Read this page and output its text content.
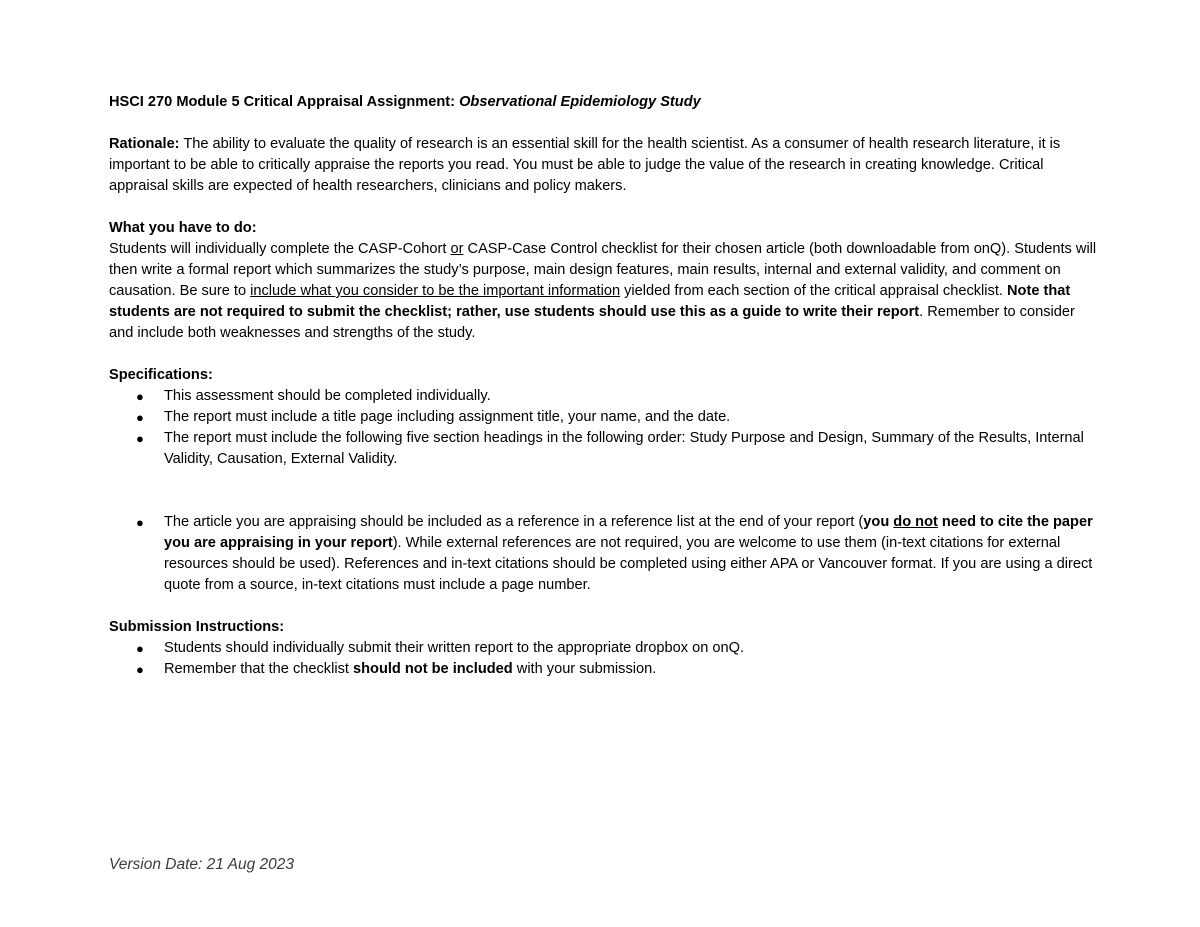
HSCI 270 Module 5 Critical Appraisal Assignment: Observational Epidemiology Study

Rationale: The ability to evaluate the quality of research is an essential skill for the health scientist. As a consumer of health research literature, it is important to be able to critically appraise the reports you read. You must be able to judge the value of the research in creating knowledge. Critical appraisal skills are expected of health researchers, clinicians and policy makers.

What you have to do:

Students will individually complete the CASP-Cohort or CASP-Case Control checklist for their chosen article (both downloadable from onQ). Students will then write a formal report which summarizes the study’s purpose, main design features, main results, internal and external validity, and comment on causation. Be sure to include what you consider to be the important information yielded from each section of the critical appraisal checklist. Note that students are not required to submit the checklist; rather, use students should use this as a guide to write their report. Remember to consider and include both weaknesses and strengths of the study.

Specifications:

● This assessment should be completed individually.
● The report must include a title page including assignment title, your name, and the date.
● The report must include the following five section headings in the following order: Study Purpose and Design, Summary of the Results, Internal Validity, Causation, External Validity.
● The article you are appraising should be included as a reference in a reference list at the end of your report (you do not need to cite the paper you are appraising in your report). While external references are not required, you are welcome to use them (in-text citations for external resources should be used). References and in-text citations should be completed using either APA or Vancouver format. If you are using a direct quote from a source, in-text citations must include a page number.

Submission Instructions:

● Students should individually submit their written report to the appropriate dropbox on onQ.
● Remember that the checklist should not be included with your submission.
Version Date: 21 Aug 2023
